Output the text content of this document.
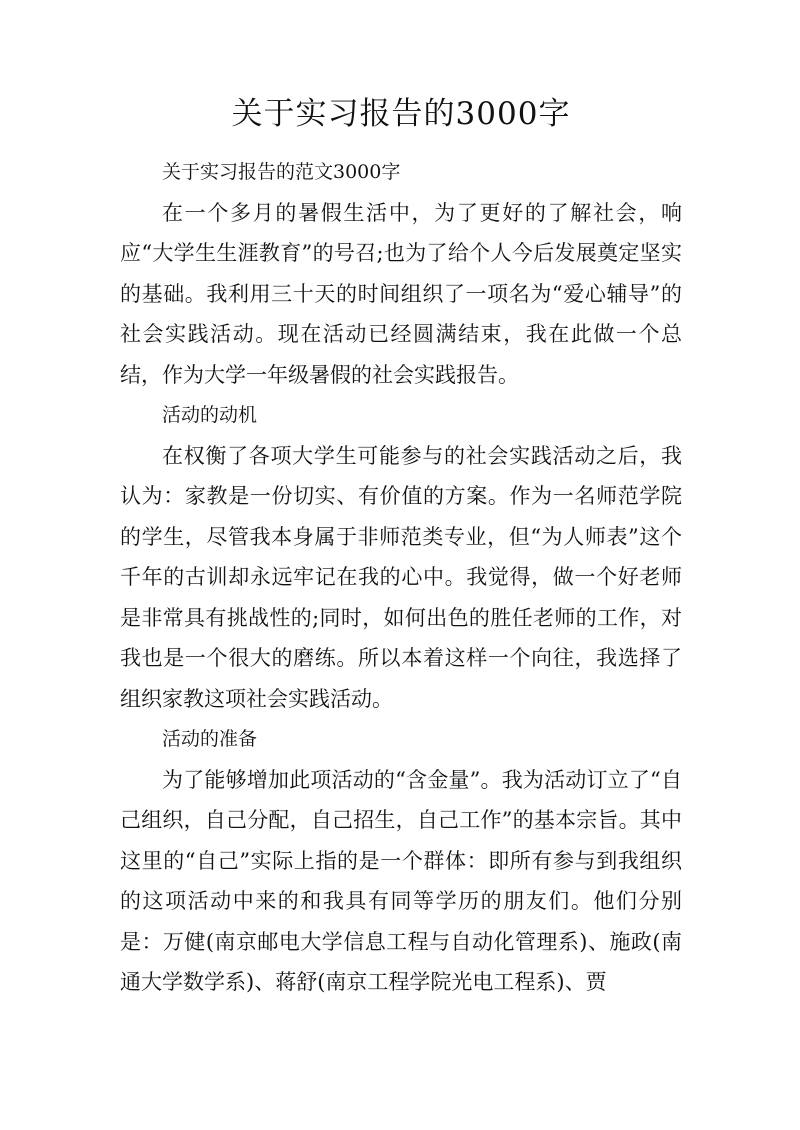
关于实习报告的3000字

关于实习报告的范文3000字

在一个多月的暑假生活中，为了更好的了解社会，响应“大学生生涯教育”的号召;也为了给个人今后发展奠定坚实的基础。我利用三十天的时间组织了一项名为“爱心辅导”的社会实践活动。现在活动已经圆满结束，我在此做一个总结，作为大学一年级暑假的社会实践报告。

活动的动机

在权衡了各项大学生可能参与的社会实践活动之后，我认为：家教是一份切实、有价值的方案。作为一名师范学院的学生，尽管我本身属于非师范类专业，但“为人师表”这个千年的古训却永远牢记在我的心中。我觉得，做一个好老师是非常具有挑战性的;同时，如何出色的胜任老师的工作，对我也是一个很大的磨练。所以本着这样一个向往，我选择了组织家教这项社会实践活动。

活动的准备

为了能够增加此项活动的“含金量”。我为活动订立了“自己组织，自己分配，自己招生，自己工作”的基本宗旨。其中这里的“自己”实际上指的是一个群体：即所有参与到我组织的这项活动中来的和我具有同等学历的朋友们。他们分别是：万健(南京邮电大学信息工程与自动化管理系)、施政(南通大学数学系)、蒋舒(南京工程学院光电工程系)、贾
